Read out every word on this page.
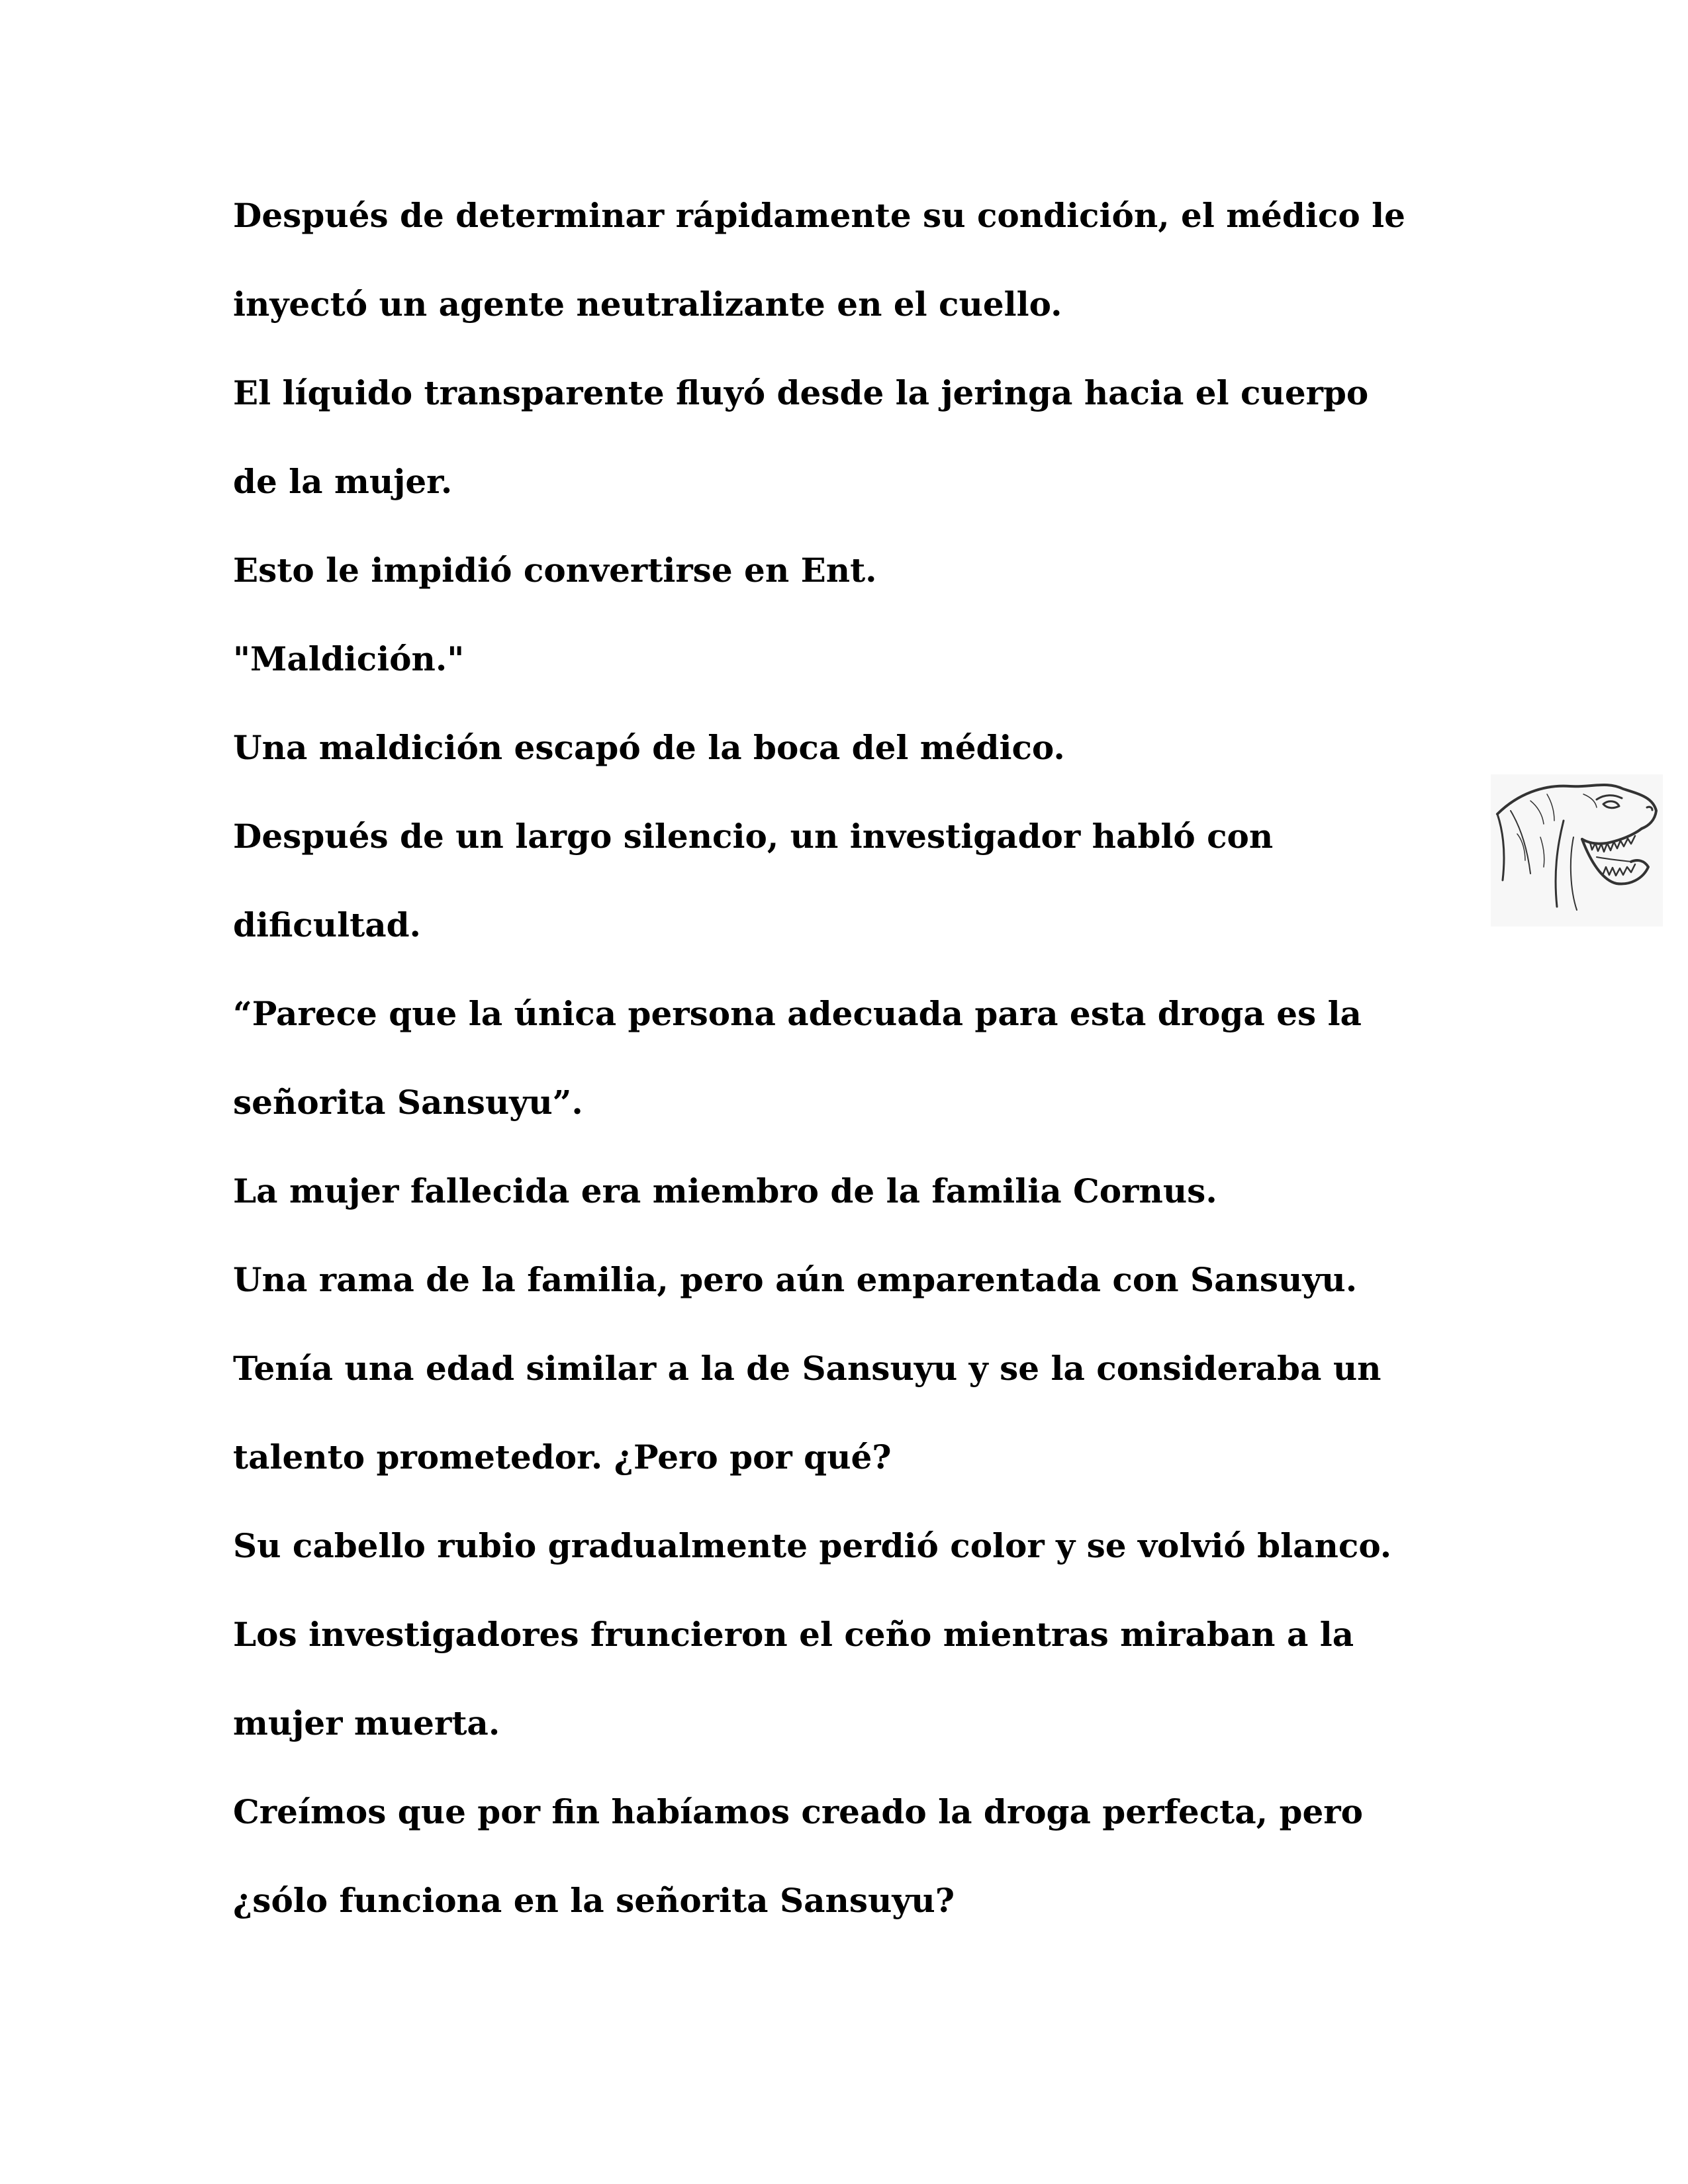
Después de determinar rápidamente su condición, el médico le
inyectó un agente neutralizante en el cuello.
El líquido transparente fluyó desde la jeringa hacia el cuerpo
de la mujer.
Esto le impidió convertirse en Ent.
"Maldición."
Una maldición escapó de la boca del médico.
Después de un largo silencio, un investigador habló con
dificultad.
“Parece que la única persona adecuada para esta droga es la
señorita Sansuyu”.
La mujer fallecida era miembro de la familia Cornus.
Una rama de la familia, pero aún emparentada con Sansuyu.
Tenía una edad similar a la de Sansuyu y se la consideraba un
talento prometedor. ¿Pero por qué?
Su cabello rubio gradualmente perdió color y se volvió blanco.
Los investigadores fruncieron el ceño mientras miraban a la
mujer muerta.
Creímos que por fin habíamos creado la droga perfecta, pero
¿sólo funciona en la señorita Sansuyu?
